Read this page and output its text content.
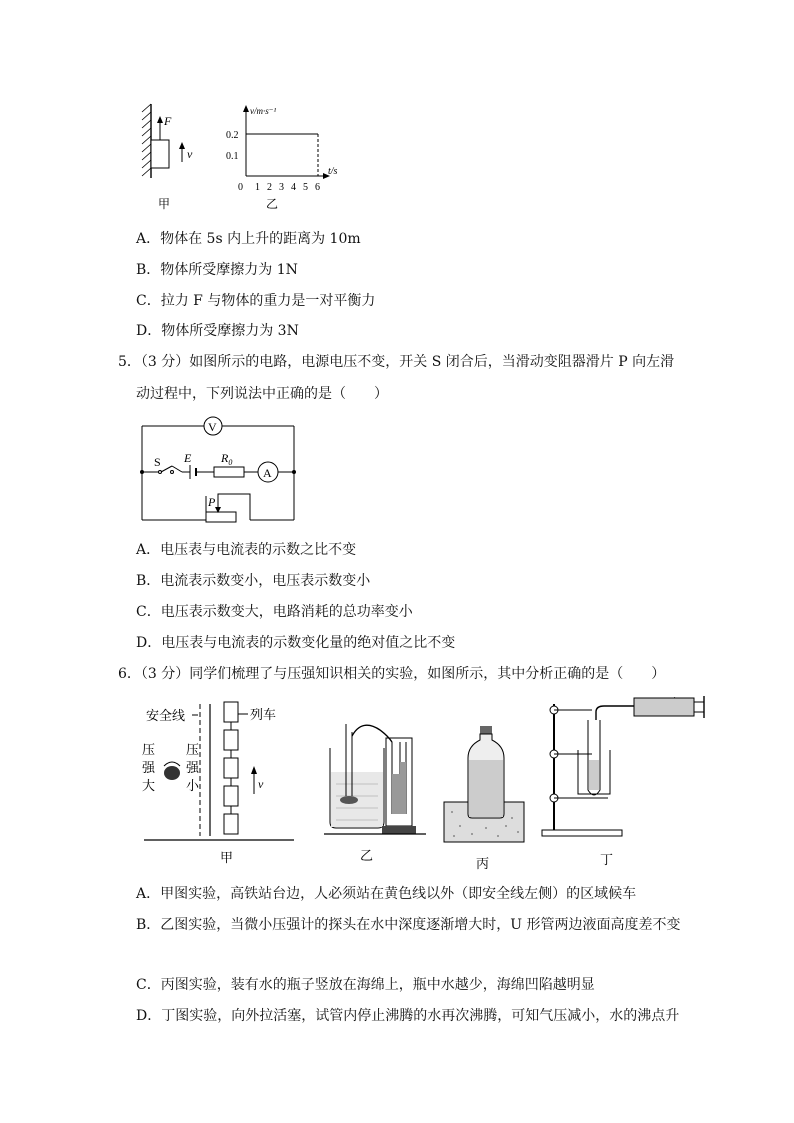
F
v
甲
v/m·s⁻¹
t/s
0 1 2 3 4 5 6
0.2
0.1
乙
A．物体在 5s 内上升的距离为 10m
B．物体所受摩擦力为 1N
C．拉力 F 与物体的重力是一对平衡力
D．物体所受摩擦力为 3N
5．（3 分）如图所示的电路，电源电压不变，开关 S 闭合后，当滑动变阻器滑片 P 向左滑
动过程中，下列说法中正确的是（　　）
A
V
S E $R_0$
P
A．电压表与电流表的示数之比不变
B．电流表示数变小，电压表示数变小
C．电压表示数变大，电路消耗的总功率变小
D．电压表与电流表的示数变化量的绝对值之比不变
6．（3 分）同学们梳理了与压强知识相关的实验，如图所示，其中分析正确的是（　　）
安全线	列车
v
压
强
大
压
强
小
甲	乙
丙	丁
A．甲图实验，高铁站台边，人必须站在黄色线以外（即安全线左侧）的区域候车
B．乙图实验，当微小压强计的探头在水中深度逐渐增大时，U 形管两边液面高度差不变
C．丙图实验，装有水的瓶子竖放在海绵上，瓶中水越少，海绵凹陷越明显
D．丁图实验，向外拉活塞，试管内停止沸腾的水再次沸腾，可知气压减小，水的沸点升
